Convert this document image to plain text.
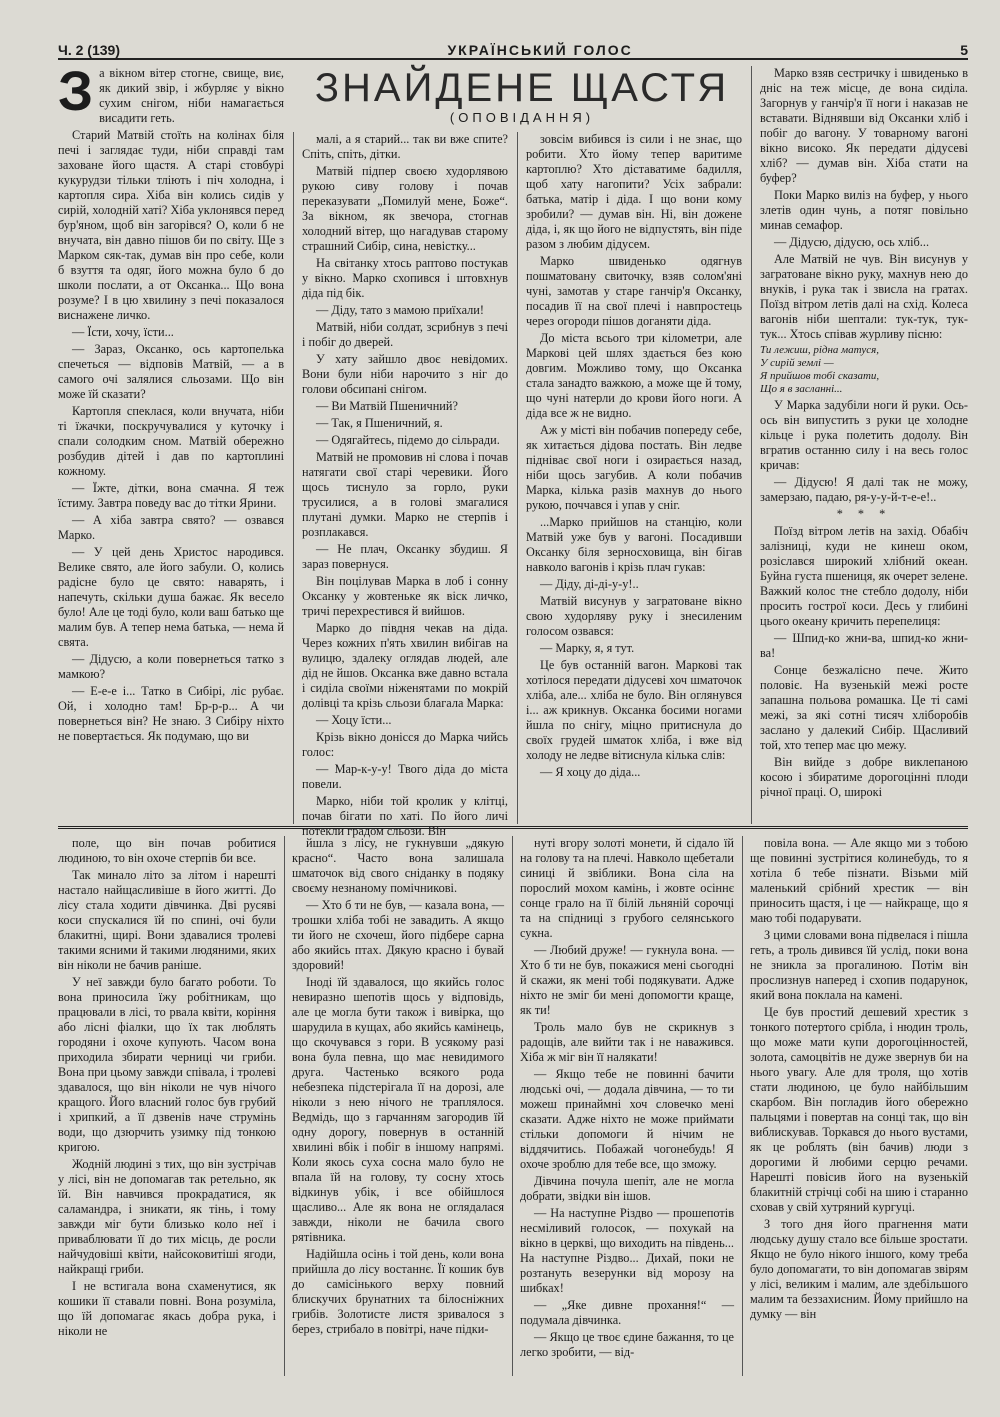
Ч. 2 (139)	УКРАЇНСЬКИЙ ГОЛОС	5
ЗНАЙДЕНЕ ЩАСТЯ
(ОПОВІДАННЯ)

За вікном вітер стогне, свище, виє, як дикий звір, і жбурляє у вікно сухим снігом, ніби намагається висадити геть.

Старий Матвій стоїть на колінах біля печі і заглядає туди, ніби справді там заховане його щастя. А старі стовбурі кукурудзи тільки тліють і піч холодна, і картопля сира. Хіба він колись сидів у сирій, холодній хаті? Хіба уклонявся перед бур'яном, щоб він загорівся? О, коли б не внучата, він давно пішов би по світу. Ще з Марком сяк-так, думав він про себе, коли б взуття та одяг, його можна було б до школи послати, а от Оксанка... Що вона розуме? І в цю хвилину з печі показалося виснажене личко.

— Їсти, хочу, їсти...

— Зараз, Оксанко, ось картопелька спечеться — відповів Матвій, — а в самого очі залялися сльозами. Що він може їй сказати?

Картопля спеклася, коли внучата, ніби ті їжачки, поскручувалися у куточку і спали солодким сном. Матвій обережно розбудив дітей і дав по картоплині кожному.

— Їжте, дітки, вона смачна. Я теж їстиму. Завтра поведу вас до тітки Ярини.

— А хіба завтра свято? — озвався Марко.

— У цей день Христос народився. Велике свято, але його забули. О, колись радісне було це свято: наварять, і напечуть, скільки душа бажає. Як весело було! Але це тоді було, коли ваш батько ще малим був. А тепер нема батька, — нема й свята.

— Дідусю, а коли повернеться татко з мамкою?

— Е-е-е і... Татко в Сибірі, ліс рубає. Ой, і холодно там! Бр-р-р... А чи повернеться він? Не знаю. З Сибіру ніхто не повертається. Як подумаю, що ви

малі, а я старий... так ви вже спите? Спіть, спіть, дітки.

Матвій підпер своєю худорлявою рукою сиву голову і почав переказувати „Помилуй мене, Боже“. За вікном, як звечора, стогнав холодний вітер, що нагадував старому страшний Сибір, сина, невістку...

На світанку хтось раптово постукав у вікно. Марко схопився і штовхнув діда під бік.

— Діду, тато з мамою приїхали!

Матвій, ніби солдат, зсрибнув з печі і побіг до дверей.

У хату зайшло двоє невідомих. Вони були ніби нарочито з ніг до голови обсипані снігом.

— Ви Матвій Пшеничний?

— Так, я Пшеничний, я.

— Одягайтесь, підемо до сільради.

Матвій не промовив ні слова і почав натягати свої старі черевики. Його щось тиснуло за горло, руки трусилися, а в голові змагалися плутані думки. Марко не стерпів і розплакався.

— Не плач, Оксанку збудиш. Я зараз повернуся.

Він поцілував Марка в лоб і сонну Оксанку у жовтеньке як віск личко, тричі перехрестився й вийшов.

Марко до півдня чекав на діда. Через кожних п'ять хвилин вибігав на вулицю, здалеку оглядав людей, але дід не йшов. Оксанка вже давно встала і сиділа своїми ніженятами по мокрій долівці та крізь сльози благала Марка:

— Хоцу їсти...

Крізь вікно донісся до Марка чийсь голос:

— Мар-к-у-у! Твого діда до міста повели.

Марко, ніби той кролик у клітці, почав бігати по хаті. По його личі потекли градом сльози. Він

зовсім вибився із сили і не знає, що робити. Хто йому тепер варитиме картоплю? Хто діставатиме бадилля, щоб хату нагопити? Усіх забрали: батька, матір і діда. І що вони кому зробили? — думав він. Ні, він дожене діда, і, як що його не відпустять, він піде разом з любим дідусем.

Марко швиденько одягнув пошматовану свиточку, взяв солом'яні чуні, замотав у старе ганчір'я Оксанку, посадив її на свої плечі і навпростець через огороди пішов доганяти діда.

До міста всього три кілометри, але Маркові цей шлях здається без кою довгим. Можливо тому, що Оксанка стала занадто важкою, а може ще й тому, що чуні натерли до крови його ноги. А діда все ж не видно.

Аж у місті він побачив попереду себе, як хитається дідова постать. Він ледве підніває свої ноги і озирається назад, ніби щось загубив. А коли побачив Марка, кілька разів махнув до нього рукою, поччався і упав у сніг.

...Марко прийшов на станцію, коли Матвій уже був у вагоні. Посадивши Оксанку біля зерносховища, він бігав навколо вагонів і крізь плач гукав:

— Діду, ді-ді-у-у!..

Матвій висунув у загратоване вікно свою худорляву руку і знесиленим голосом озвався:

— Марку, я, я тут.

Це був останній вагон. Маркові так хотілося передати дідусеві хоч шматочок хліба, але... хліба не було. Він оглянувся і... аж крикнув. Оксанка босими ногами йшла по снігу, міцно притиснула до своїх грудей шматок хліба, і вже від холоду не ледве вітиснула кілька слів:

— Я хоцу до діда...

Марко взяв сестричку і швиденько в дніс на теж місце, де вона сиділа. Загорнув у ганчір'я її ноги і наказав не вставати. Віднявши від Оксанки хліб і побіг до вагону. У товарному вагоні вікно високо. Як передати дідусеві хліб? — думав він. Хіба стати на буфер?

Поки Марко виліз на буфер, у нього злетів один чунь, а потяг повільно минав семафор.

— Дідусю, дідусю, ось хліб...

Але Матвій не чув. Він висунув у загратоване вікно руку, махнув нею до внуків, і рука так і звисла на гратах. Поїзд вітром летів далі на схід. Колеса вагонів ніби шептали: тук-тук, тук-тук... Хтось співав журливу пісню:

Ти лежиш, рідна матуся,
У сирій землі —
Я прийшов тобі сказати,
Що я в засланні...

У Марка задубіли ноги й руки. Ось-ось він випустить з руки це холодне кільце і рука полетить додолу. Він вгратив останню силу і на весь голос кричав:

— Дідусю! Я далі так не можу, замерзаю, падаю, ря-у-у-й-т-е-е!..

* * *

Поїзд вітром летів на захід. Обабіч залізниці, куди не кинеш оком, розіслався широкий хлібний океан. Буйна густа пшениця, як очерет зелене. Важкий колос тне стебло додолу, ніби просить гострої коси. Десь у глибині цього океану кричить перепелиця:

— Шпид-ко жни-ва, шпид-ко жни-ва!

Сонце безжалісно пече. Жито половіє. На вузенькій межі росте запашна польова ромашка. Це ті самі межі, за які сотні тисяч хліборобів заслано у далекий Сибір. Щасливий той, хто тепер має цю межу.

Він вийде з добре виклепаною косою і збиратиме дорогоцінні плоди річної праці. О, широкі

поле, що він почав робитися людиною, то він охоче стерпів би все.

Так минало літо за літом і нарешті настало найщасливіше в його житті. До лісу стала ходити дівчинка. Дві русяві коси спускалися їй по спині, очі були блакитні, щирі. Вони здавалися тролеві такими ясними й такими людяними, яких він ніколи не бачив раніше.

У неї завжди було багато роботи. То вона приносила їжу робітникам, що працювали в лісі, то рвала квіти, коріння або лісні фіалки, що їх так люблять городяни і охоче купують. Часом вона приходила збирати черниці чи гриби. Вона при цьому завжди співала, і тролеві здавалося, що він ніколи не чув нічого кращого. Його власний голос був грубий і хрипкий, а її дзвенів наче струмінь води, що дзюрчить узимку під тонкою кригою.

Жодній людині з тих, що він зустрічав у лісі, він не допомагав так ретельно, як їй. Він навчився прокрадатися, як саламандра, і зникати, як тінь, і тому завжди міг бути близько коло неї і приваблювати її до тих місць, де росли найчудовіші квіти, найсоковитіші ягоди, найкращі гриби.

І не встигала вона схаменутися, як кошики її ставали повні. Вона розуміла, що їй допомагає якась добра рука, і ніколи не

йшла з лісу, не гукнувши „дякую красно“. Часто вона залишала шматочок від свого сніданку в подяку своєму незнаному помічникові.

— Хто б ти не був, — казала вона, — трошки хліба тобі не завадить. А якщо ти його не схочеш, його підбере сарна або якийсь птах. Дякую красно і бувай здоровий!

Іноді їй здавалося, що якийсь голос невиразно шепотів щось у відповідь, але це могла бути також і вивірка, що шарудила в кущах, або якийсь камінець, що скочувався з гори. В усякому разі вона була певна, що має невидимого друга. Частенько всякого рода небезпека підстерігала її на дорозі, але ніколи з нею нічого не траплялося. Ведмідь, що з гарчанням загородив їй одну дорогу, повернув в останній хвилині вбік і побіг в іншому напрямі. Коли якось суха сосна мало було не впала їй на голову, ту сосну хтось відкинув убік, і все обійшлося щасливо... Але як вона не оглядалася завжди, ніколи не бачила свого рятівника.

Надійшла осінь і той день, коли вона прийшла до лісу востаннє. Її кошик був до самісінького верху повний блискучих брунатних та білосніжних грибів. Золотисте листя зривалося з берез, стрибало в повітрі, наче підки-

нуті вгору золоті монети, й сідало їй на голову та на плечі. Навколо щебетали синиці й звіблики. Вона сіла на порослий мохом камінь, і жовте осіннє сонце грало на її білій льняній сорочці та на спідниці з грубого селянського сукна.

— Любий друже! — гукнула вона. — Хто б ти не був, покажися мені сьогодні й скажи, як мені тобі подякувати. Адже ніхто не зміг би мені допомогти краще, як ти!

Троль мало був не скрикнув з радощів, але вийти так і не наважився. Хіба ж міг він її налякати!

— Якщо тебе не повинні бачити людські очі, — додала дівчина, — то ти можеш принаймні хоч словечко мені сказати. Адже ніхто не може приймати стільки допомоги й нічим не віддячитись. Побажай чогонебудь! Я охоче зроблю для тебе все, що зможу.

Дівчина почула шепіт, але не могла добрати, звідки він ішов.

— На наступне Різдво — прошепотів несміливий голосок, — похукай на вікно в церкві, що виходить на південь... На наступне Різдво... Дихай, поки не розтануть везерунки від морозу на шибках!

— „Яке дивне прохання!“ — подумала дівчинка.

— Якщо це твоє єдине бажання, то це легко зробити, — від-

повіла вона. — Але якщо ми з тобою ще повинні зустрітися колинебудь, то я хотіла б тебе пізнати. Візьми мій маленький срібний хрестик — він приносить щастя, і це — найкраще, що я маю тобі подарувати.

З цими словами вона підвелася і пішла геть, а троль дивився їй услід, поки вона не зникла за прогалиною. Потім він прослизнув наперед і схопив подарунок, який вона поклала на камені.

Це був простий дешевий хрестик з тонкого потертого срібла, і нюдин троль, що може мати купи дорогоцінностей, золота, самоцвітів не дуже звернув би на нього увагу. Але для троля, що хотів стати людиною, це було найбільшим скарбом. Він погладив його обережно пальцями і повертав на сонці так, що він виблискував. Торкався до нього вустами, як це роблять (він бачив) люди з дорогими й любими серцю речами. Нарешті повісив його на вузенькій блакитній стрічці собі на шию і старанно сховав у свій хутряний кургуці.

З того дня його прагнення мати людську душу стало все більше зростати. Якщо не було нікого іншого, кому треба було допомагати, то він допомагав звірям у лісі, великим і малим, але здебільшого малим та беззахисним. Йому прийшло на думку — він
